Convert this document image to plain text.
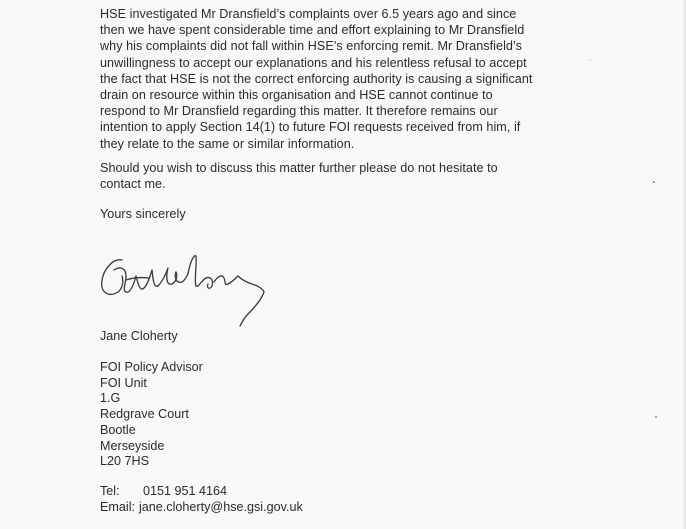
HSE investigated Mr Dransfield’s complaints over 6.5 years ago and since
then we have spent considerable time and effort explaining to Mr Dransfield
why his complaints did not fall within HSE’s enforcing remit. Mr Dransfield’s
unwillingness to accept our explanations and his relentless refusal to accept
the fact that HSE is not the correct enforcing authority is causing a significant
drain on resource within this organisation and HSE cannot continue to
respond to Mr Dransfield regarding this matter. It therefore remains our
intention to apply Section 14(1) to future FOI requests received from him, if
they relate to the same or similar information.

Should you wish to discuss this matter further please do not hesitate to
contact me.

Yours sincerely

Jane Cloherty
FOI Policy Advisor
FOI Unit
1.G
Redgrave Court
Bootle
Merseyside
L20 7HS
Tel: 0151 951 4164
Email: jane.cloherty@hse.gsi.gov.uk
